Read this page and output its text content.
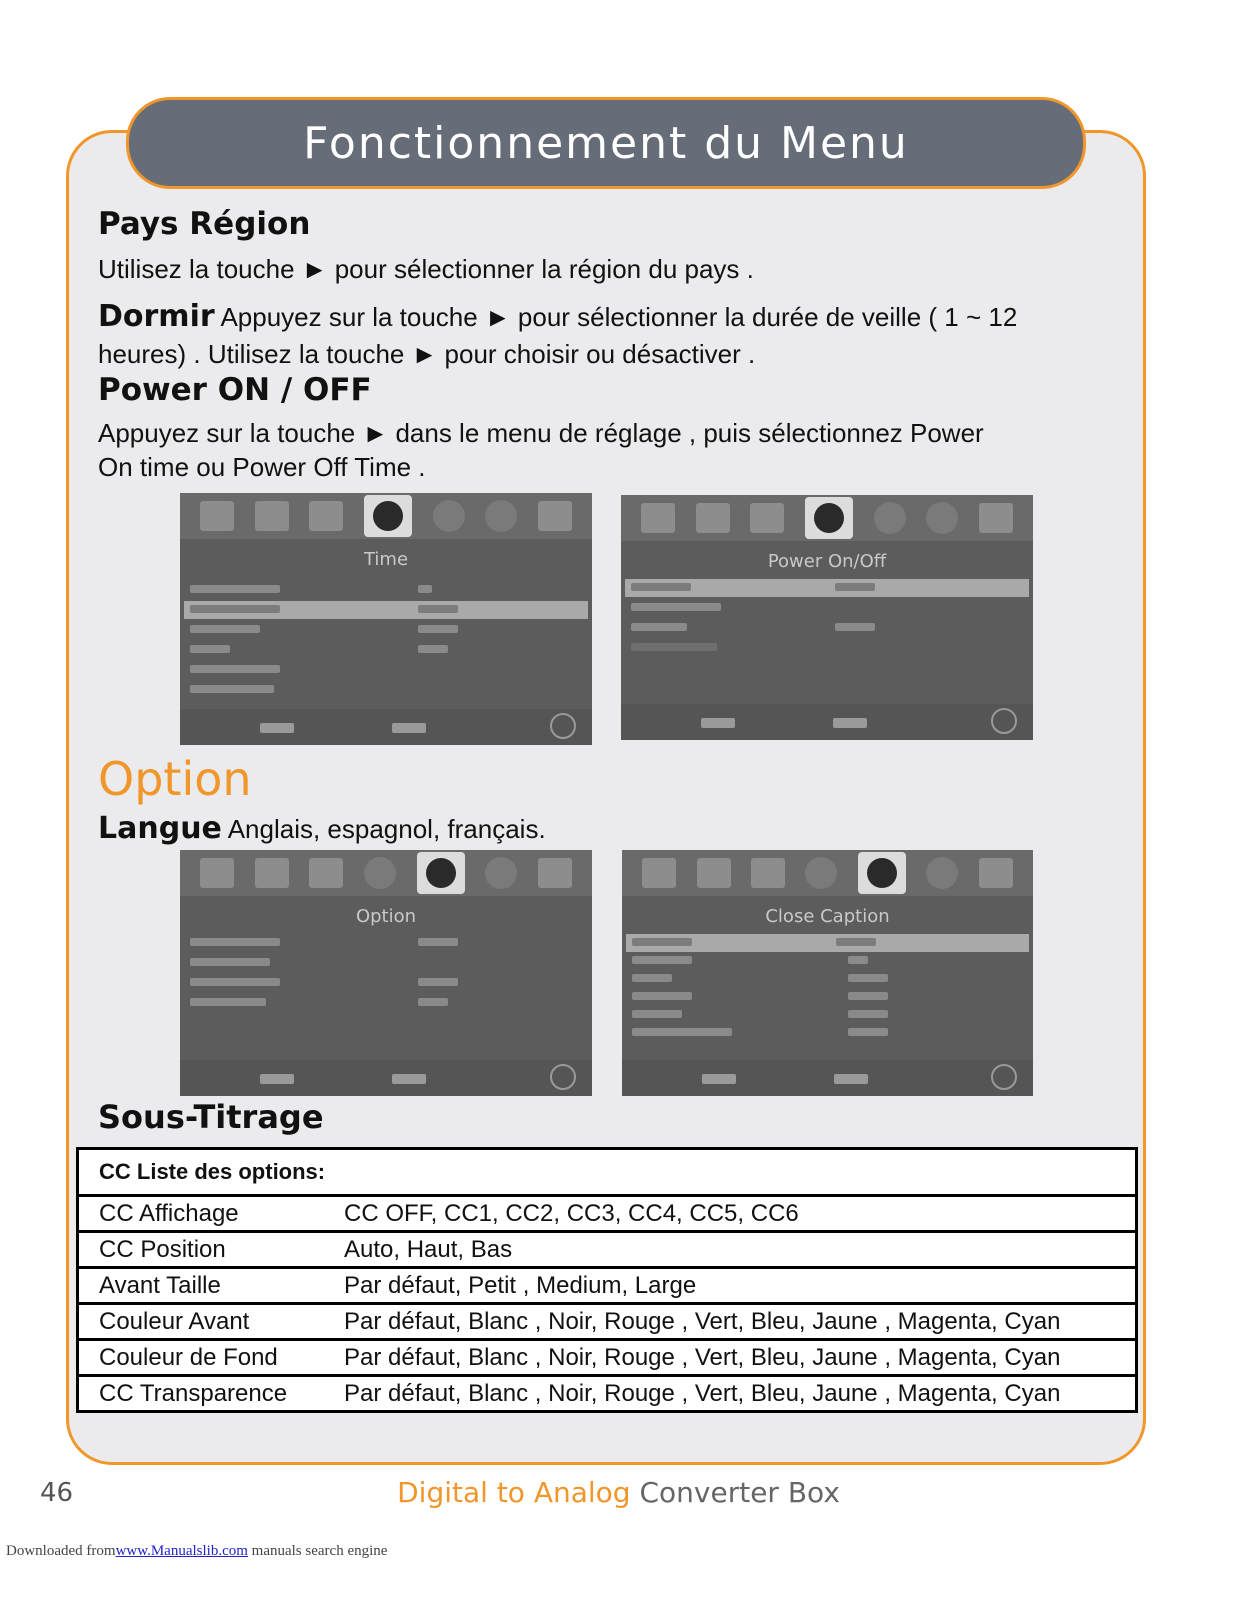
Fonctionnement du Menu
Pays Région
Utilisez la touche ► pour sélectionner la région du pays .
Dormir Appuyez sur la touche ► pour sélectionner la durée de veille ( 1 ~ 12
heures) . Utilisez la touche ► pour choisir ou désactiver .
Power ON / OFF
Appuyez sur la touche ► dans le menu de réglage , puis sélectionnez Power
On time ou Power Off Time .
Time	Power On/Off
Option
Langue Anglais, espagnol, français.
Option	Close Caption
Sous-Titrage
CC Liste des options:	
CC Affichage	CC OFF, CC1, CC2, CC3, CC4, CC5, CC6
CC Position	Auto, Haut, Bas
Avant Taille	Par défaut, Petit , Medium, Large
Couleur Avant	Par défaut, Blanc , Noir, Rouge , Vert, Bleu, Jaune , Magenta, Cyan
Couleur de Fond	Par défaut, Blanc , Noir, Rouge , Vert, Bleu, Jaune , Magenta, Cyan
CC Transparence	Par défaut, Blanc , Noir, Rouge , Vert, Bleu, Jaune , Magenta, Cyan
46	Digital to Analog Converter Box
Downloaded fromwww.Manualslib.com manuals search engine
